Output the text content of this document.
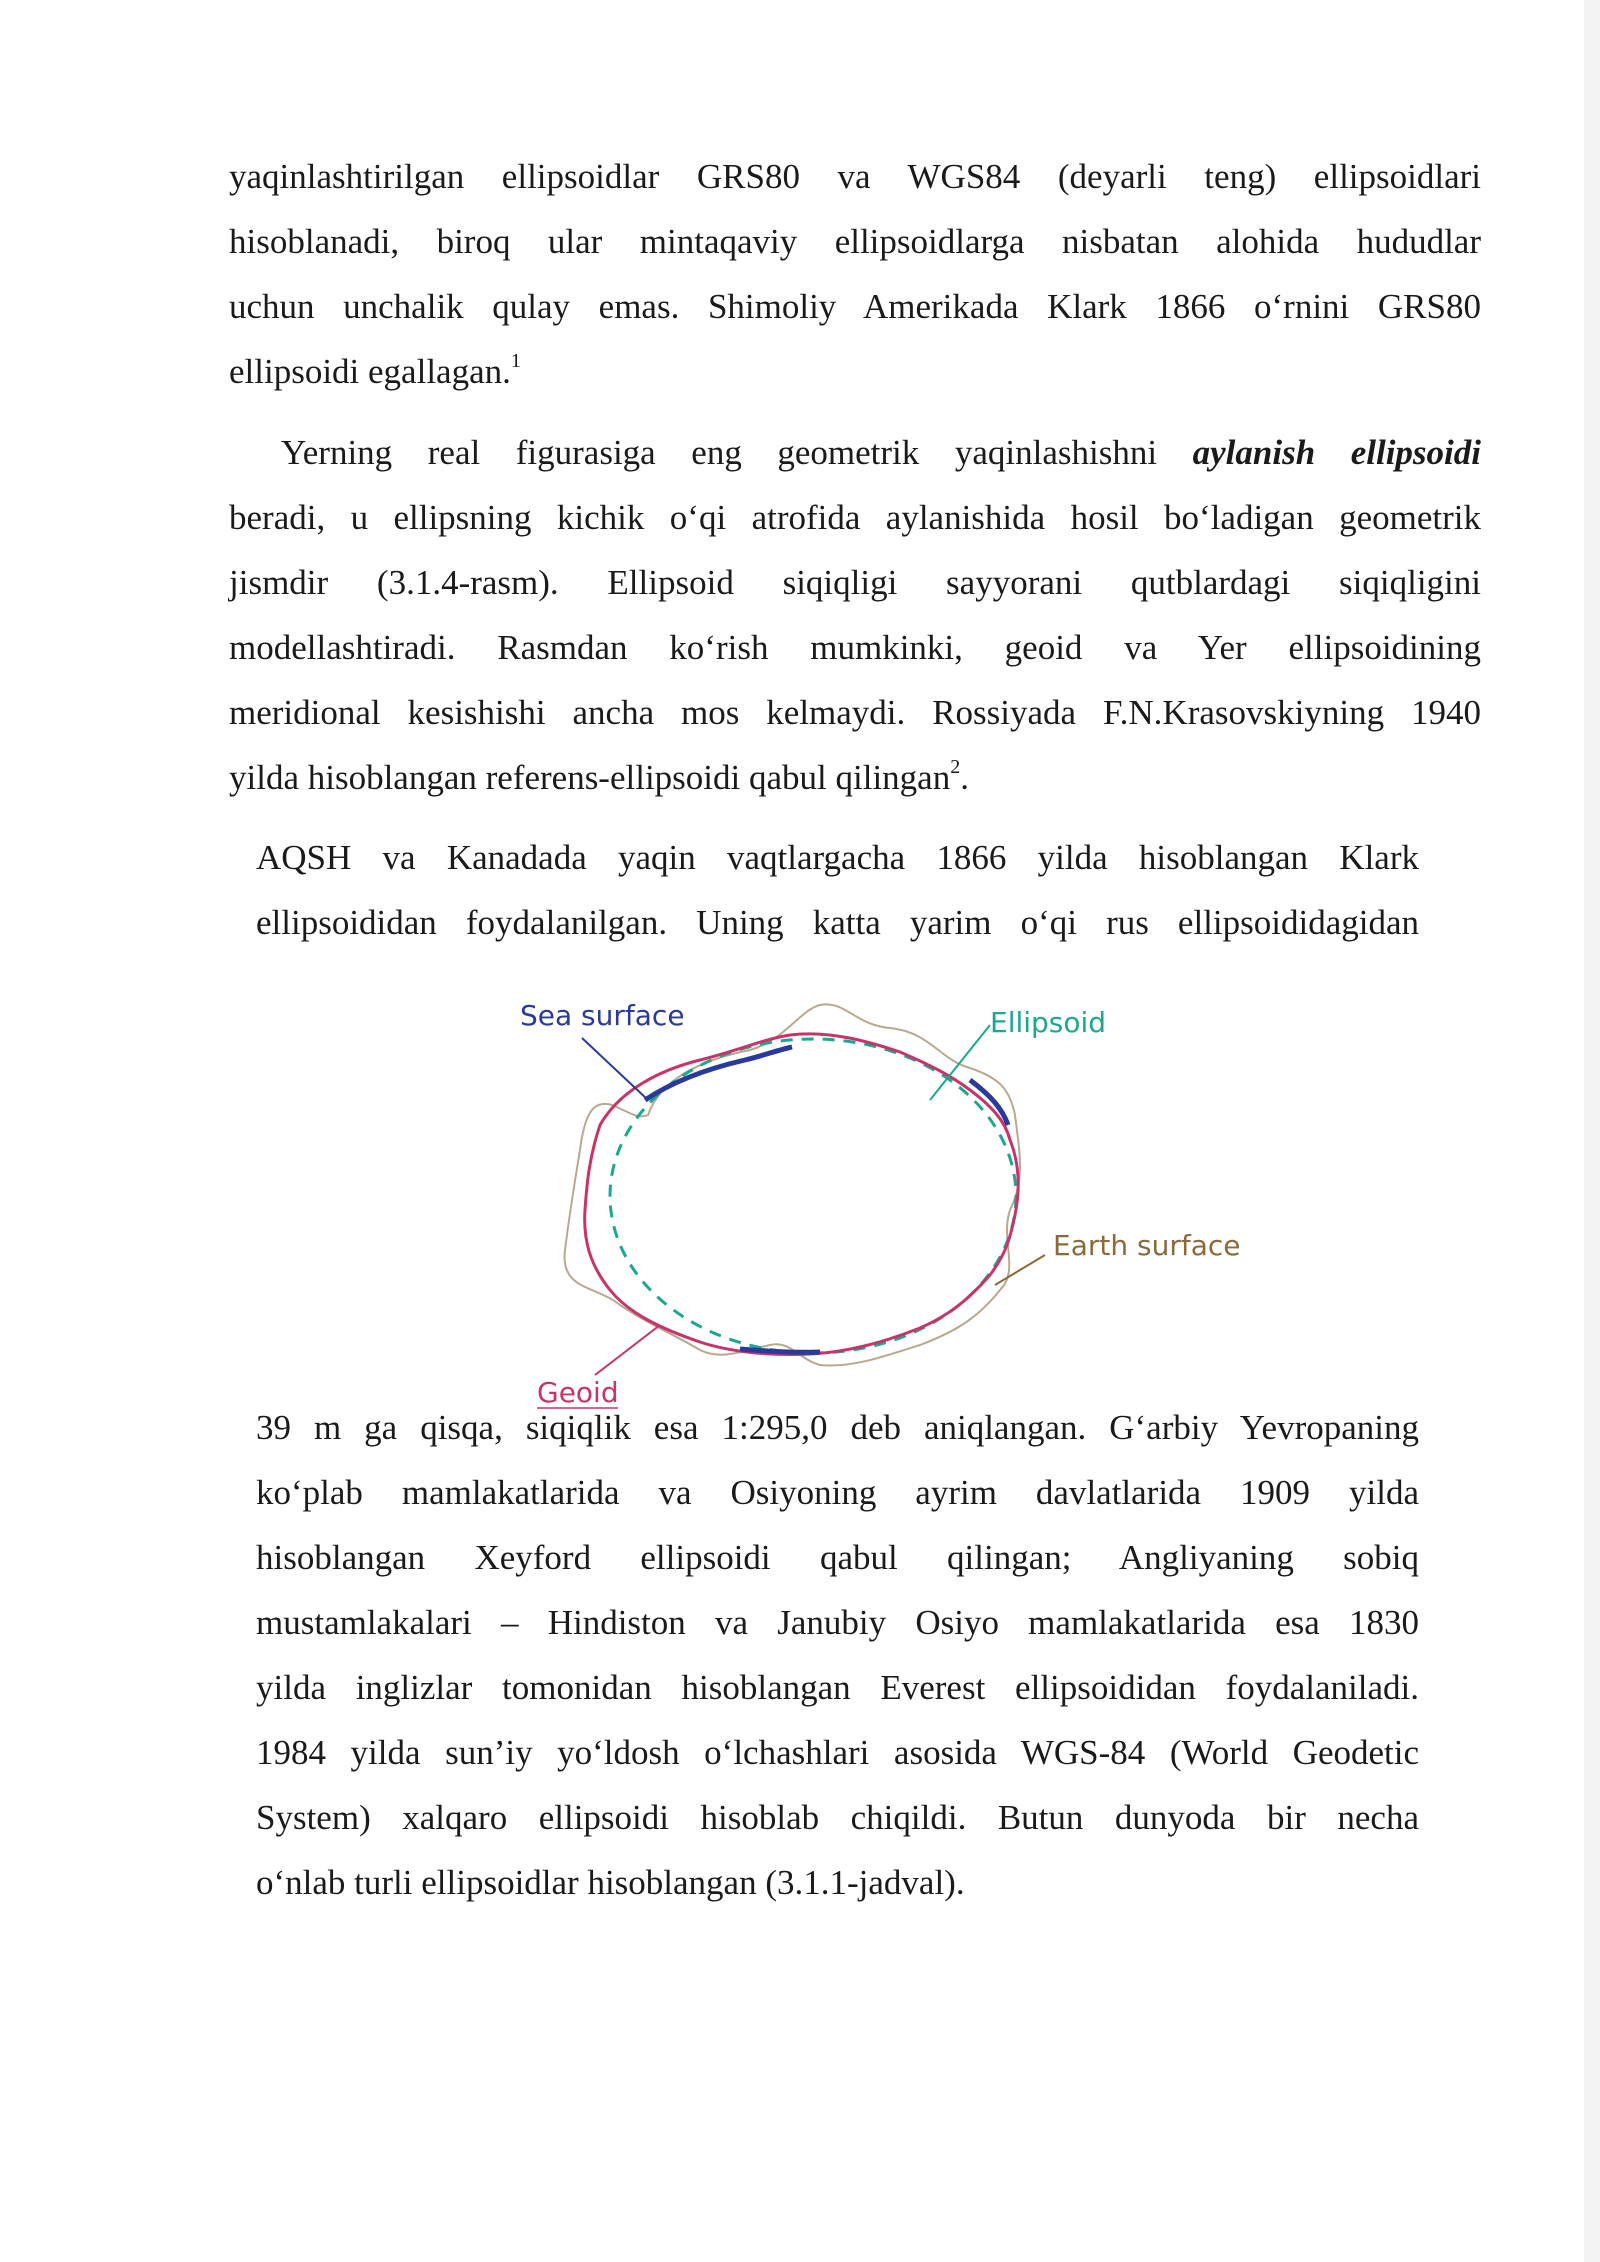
yaqinlashtirilgan ellipsoidlar GRS80 va WGS84 (deyarli teng) ellipsoidlari
hisoblanadi, biroq ular mintaqaviy ellipsoidlarga nisbatan alohida hududlar
uchun unchalik qulay emas. Shimoliy Amerikada Klark 1866 o‘rnini GRS80
ellipsoidi egallagan.$^1$
Yerning real figurasiga eng geometrik yaqinlashishni aylanish ellipsoidi
beradi, u ellipsning kichik o‘qi atrofida aylanishida hosil bo‘ladigan geometrik
jismdir (3.1.4-rasm). Ellipsoid siqiqligi sayyorani qutblardagi siqiqligini
modellashtiradi. Rasmdan ko‘rish mumkinki, geoid va Yer ellipsoidining
meridional kesishishi ancha mos kelmaydi. Rossiyada F.N.Krasovskiyning 1940
yilda hisoblangan referens-ellipsoidi qabul qilingan$^2$.
AQSH va Kanadada yaqin vaqtlargacha 1866 yilda hisoblangan Klark
ellipsoididan foydalanilgan. Uning katta yarim o‘qi rus ellipsoididagidan
Sea surface	Ellipsoid
Earth surface
Geoid
39 m ga qisqa, siqiqlik esa 1:295,0 deb aniqlangan. G‘arbiy Yevropaning
ko‘plab mamlakatlarida va Osiyoning ayrim davlatlarida 1909 yilda
hisoblangan Xeyford ellipsoidi qabul qilingan; Angliyaning sobiq
mustamlakalari – Hindiston va Janubiy Osiyo mamlakatlarida esa 1830
yilda inglizlar tomonidan hisoblangan Everest ellipsoididan foydalaniladi.
1984 yilda sun’iy yo‘ldosh o‘lchashlari asosida WGS-84 (World Geodetic
System) xalqaro ellipsoidi hisoblab chiqildi. Butun dunyoda bir necha
o‘nlab turli ellipsoidlar hisoblangan (3.1.1-jadval).
